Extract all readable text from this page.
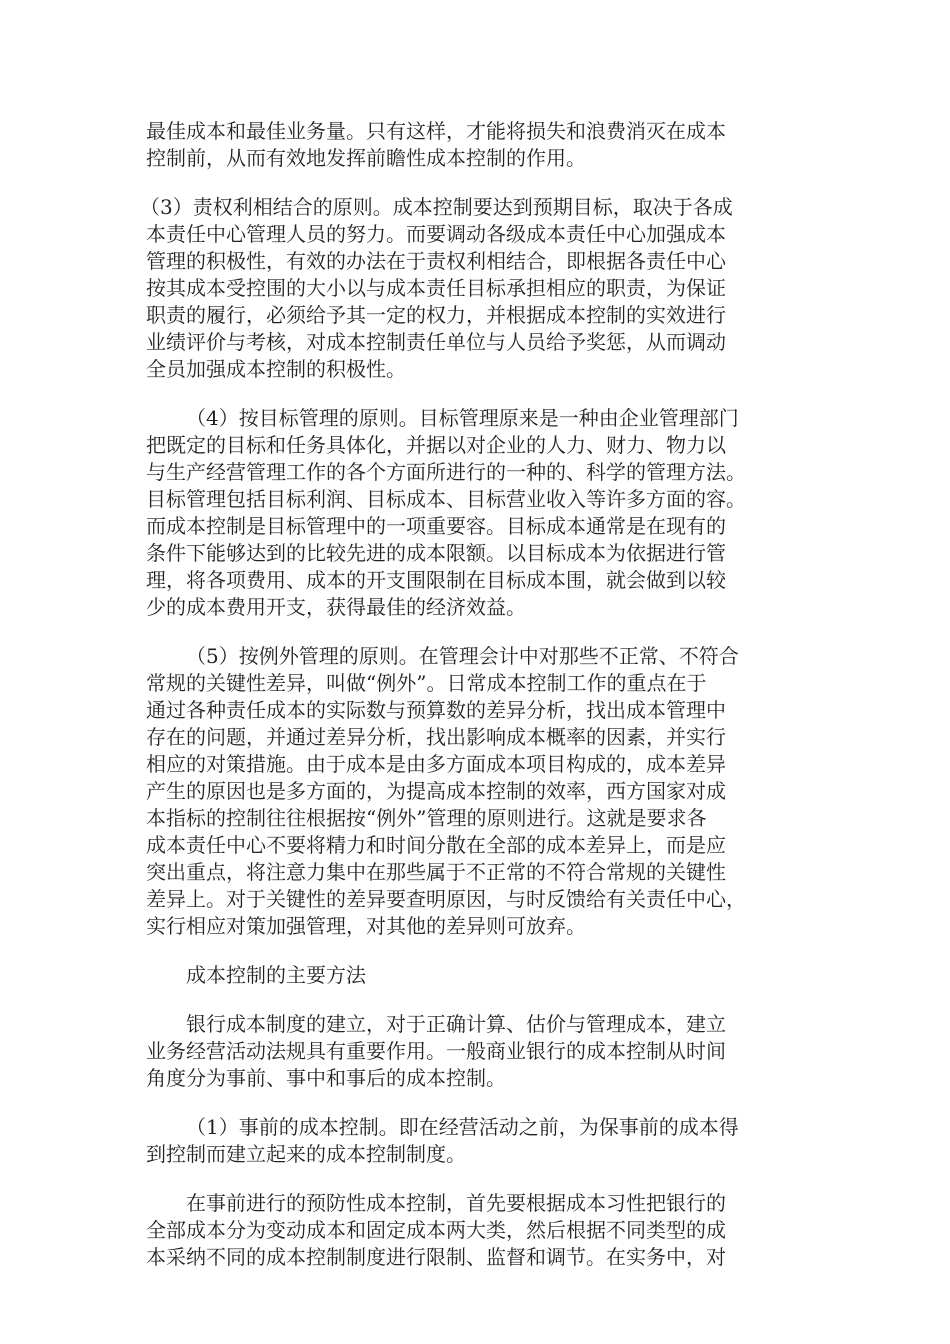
最佳成本和最佳业务量。只有这样，才能将损失和浪费消灭在成本
控制前，从而有效地发挥前瞻性成本控制的作用。
（3）责权利相结合的原则。成本控制要达到预期目标，取决于各成
本责任中心管理人员的努力。而要调动各级成本责任中心加强成本
管理的积极性，有效的办法在于责权利相结合，即根据各责任中心
按其成本受控围的大小以与成本责任目标承担相应的职责，为保证
职责的履行，必须给予其一定的权力，并根据成本控制的实效进行
业绩评价与考核，对成本控制责任单位与人员给予奖惩，从而调动
全员加强成本控制的积极性。
（4）按目标管理的原则。目标管理原来是一种由企业管理部门
把既定的目标和任务具体化，并据以对企业的人力、财力、物力以
与生产经营管理工作的各个方面所进行的一种的、科学的管理方法。
目标管理包括目标利润、目标成本、目标营业收入等许多方面的容。
而成本控制是目标管理中的一项重要容。目标成本通常是在现有的
条件下能够达到的比较先进的成本限额。以目标成本为依据进行管
理，将各项费用、成本的开支围限制在目标成本围，就会做到以较
少的成本费用开支，获得最佳的经济效益。
（5）按例外管理的原则。在管理会计中对那些不正常、不符合
常规的关键性差异，叫做“例外”。日常成本控制工作的重点在于
通过各种责任成本的实际数与预算数的差异分析，找出成本管理中
存在的问题，并通过差异分析，找出影响成本概率的因素，并实行
相应的对策措施。由于成本是由多方面成本项目构成的，成本差异
产生的原因也是多方面的，为提高成本控制的效率，西方国家对成
本指标的控制往往根据按“例外”管理的原则进行。这就是要求各
成本责任中心不要将精力和时间分散在全部的成本差异上，而是应
突出重点，将注意力集中在那些属于不正常的不符合常规的关键性
差异上。对于关键性的差异要查明原因，与时反馈给有关责任中心，
实行相应对策加强管理，对其他的差异则可放弃。
成本控制的主要方法
银行成本制度的建立，对于正确计算、估价与管理成本，建立
业务经营活动法规具有重要作用。一般商业银行的成本控制从时间
角度分为事前、事中和事后的成本控制。
（1）事前的成本控制。即在经营活动之前，为保事前的成本得
到控制而建立起来的成本控制制度。
在事前进行的预防性成本控制，首先要根据成本习性把银行的
全部成本分为变动成本和固定成本两大类，然后根据不同类型的成
本采纳不同的成本控制制度进行限制、监督和调节。在实务中，对
